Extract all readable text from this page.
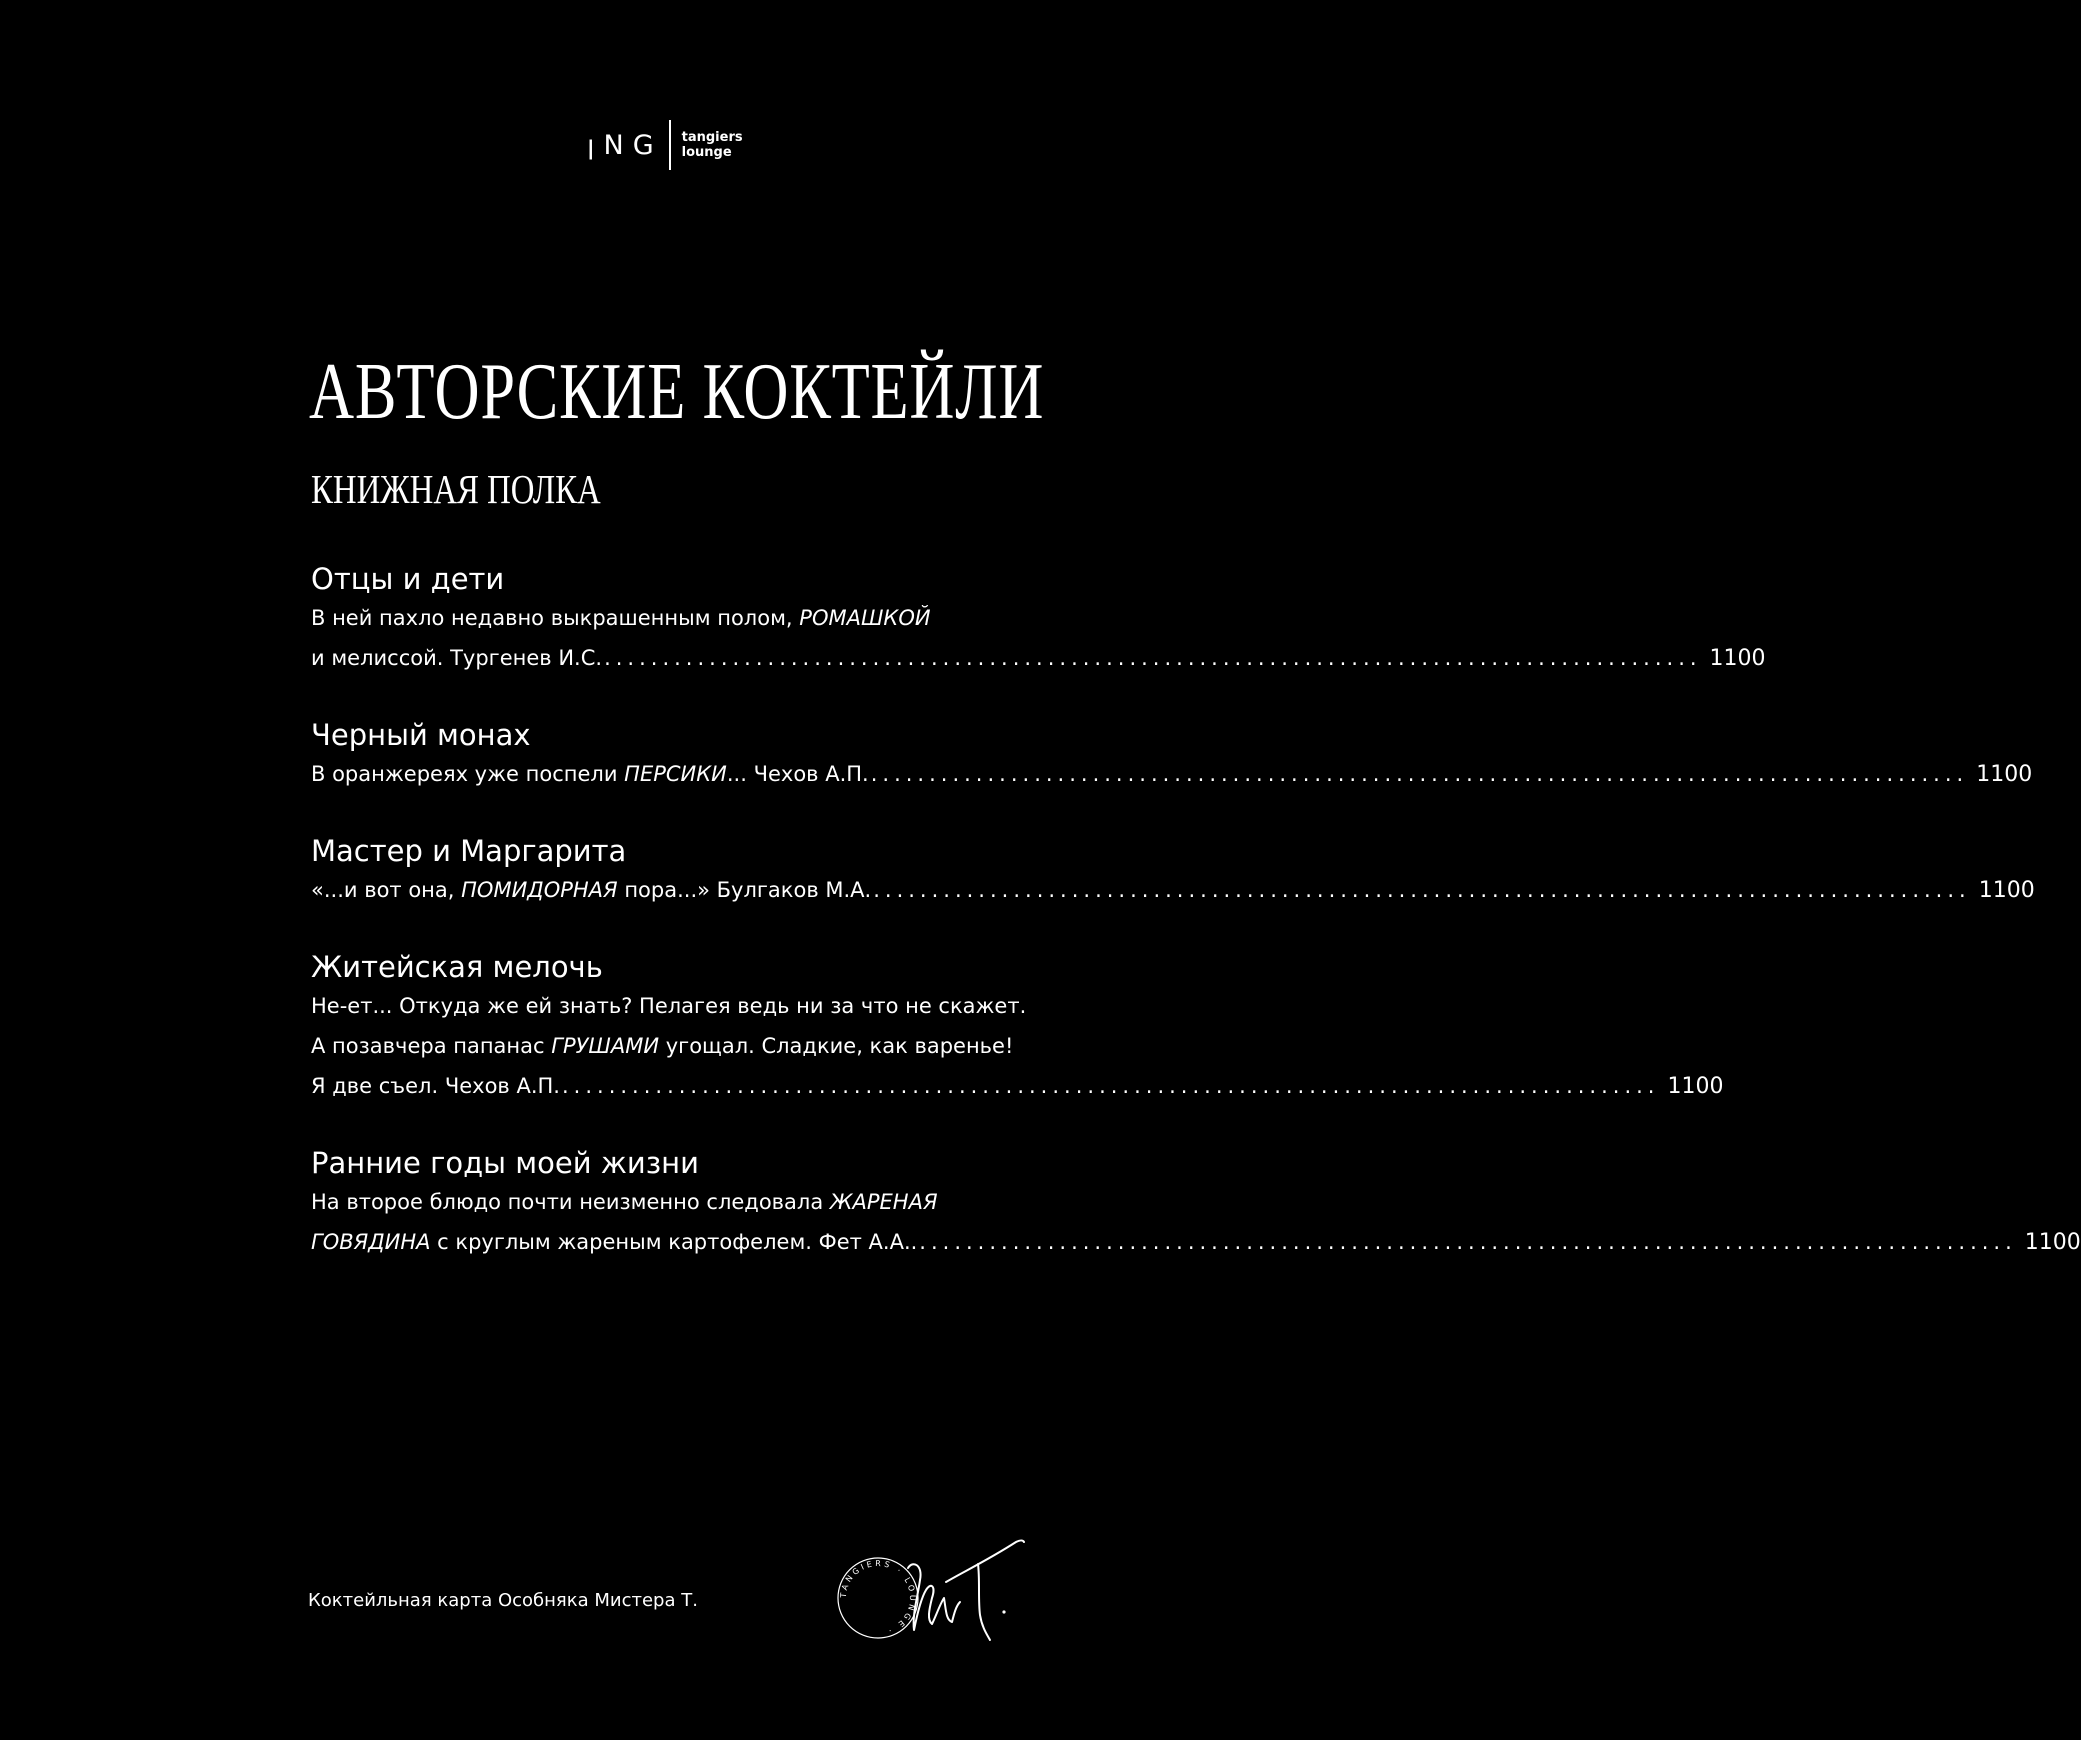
ꞁNG tangiers
lounge
АВТОРСКИЕ КОКТЕЙЛИ
КНИЖНАЯ ПОЛКА
Отцы и дети
В ней пахло недавно выкрашенным полом, РОМАШКОЙ
и мелиссой. Тургенев И.С. .............................................................................................. 1100
Черный монах
В оранжереях уже поспели ПЕРСИКИ... Чехов А.П. .............................................................................................. 1100
Мастер и Маргарита
«...и вот она, ПОМИДОРНАЯ пора...» Булгаков М.А. .............................................................................................. 1100
Житейская мелочь
Не-ет... Откуда же ей знать? Пелагея ведь ни за что не скажет.
А позавчера папанас ГРУШАМИ угощал. Сладкие, как варенье!
Я две съел. Чехов А.П. .............................................................................................. 1100
Ранние годы моей жизни
На второе блюдо почти неизменно следовала ЖАРЕНАЯ
ГОВЯДИНА с круглым жареным картофелем. Фет А.А.. .............................................................................................. 1100
Коктейльная карта Особняка Мистера Т.	TANGIERS · LOUNGE ·
